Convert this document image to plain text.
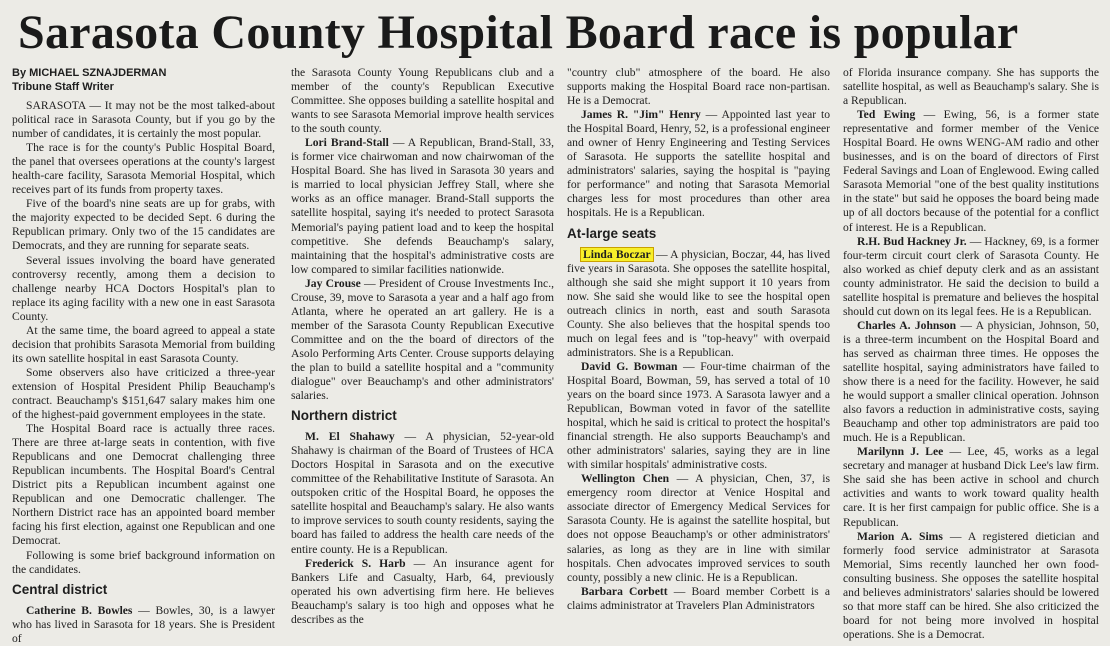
Sarasota County Hospital Board race is popular
By MICHAEL SZNAJDERMAN
Tribune Staff Writer

SARASOTA — It may not be the most talked-about political race in Sarasota County, but if you go by the number of candidates, it is certainly the most popular.

The race is for the county's Public Hospital Board, the panel that oversees operations at the county's largest health-care facility, Sarasota Memorial Hospital, which receives part of its funds from property taxes.

Five of the board's nine seats are up for grabs, with the majority expected to be decided Sept. 6 during the Republican primary. Only two of the 15 candidates are Democrats, and they are running for separate seats.

Several issues involving the board have generated controversy recently, among them a decision to challenge nearby HCA Doctors Hospital's plan to replace its aging facility with a new one in east Sarasota County.

At the same time, the board agreed to appeal a state decision that prohibits Sarasota Memorial from building its own satellite hospital in east Sarasota County.

Some observers also have criticized a three-year extension of Hospital President Philip Beauchamp's contract. Beauchamp's $151,647 salary makes him one of the highest-paid government employees in the state.

The Hospital Board race is actually three races. There are three at-large seats in contention, with five Republicans and one Democrat challenging three Republican incumbents. The Hospital Board's Central District pits a Republican incumbent against one Republican and one Democratic challenger. The Northern District race has an appointed board member facing his first election, against one Republican and one Democrat.

Following is some brief background information on the candidates.

Central district

Catherine B. Bowles — Bowles, 30, is a lawyer who has lived in Sarasota for 18 years. She is President of

the Sarasota County Young Republicans club and a member of the county's Republican Executive Committee. She opposes building a satellite hospital and wants to see Sarasota Memorial improve health services to the south county.

Lori Brand-Stall — A Republican, Brand-Stall, 33, is former vice chairwoman and now chairwoman of the Hospital Board. She has lived in Sarasota 30 years and is married to local physician Jeffrey Stall, where she works as an office manager. Brand-Stall supports the satellite hospital, saying it's needed to protect Sarasota Memorial's paying patient load and to keep the hospital competitive. She defends Beauchamp's salary, maintaining that the hospital's administrative costs are low compared to similar facilities nationwide.

Jay Crouse — President of Crouse Investments Inc., Crouse, 39, move to Sarasota a year and a half ago from Atlanta, where he operated an art gallery. He is a member of the Sarasota County Republican Executive Committee and on the the board of directors of the Asolo Performing Arts Center. Crouse supports delaying the plan to build a satellite hospital and a "community dialogue" over Beauchamp's and other administrators' salaries.

Northern district

M. El Shahawy — A physician, 52-year-old Shahawy is chairman of the Board of Trustees of HCA Doctors Hospital in Sarasota and on the executive committee of the Rehabilitative Institute of Sarasota. An outspoken critic of the Hospital Board, he opposes the satellite hospital and Beauchamp's salary. He also wants to improve services to south county residents, saying the board has failed to address the health care needs of the entire county. He is a Republican.

Frederick S. Harb — An insurance agent for Bankers Life and Casualty, Harb, 64, previously operated his own advertising firm here. He believes Beauchamp's salary is too high and opposes what he describes as the

"country club" atmosphere of the board. He also supports making the Hospital Board race non-partisan. He is a Democrat.

James R. "Jim" Henry — Appointed last year to the Hospital Board, Henry, 52, is a professional engineer and owner of Henry Engineering and Testing Services of Sarasota. He supports the satellite hospital and administrators' salaries, saying the hospital is "paying for performance" and noting that Sarasota Memorial charges less for most procedures than other area hospitals. He is a Republican.

At-large seats

Linda Boczar — A physician, Boczar, 44, has lived five years in Sarasota. She opposes the satellite hospital, although she said she might support it 10 years from now. She said she would like to see the hospital open outreach clinics in north, east and south Sarasota County. She also believes that the hospital spends too much on legal fees and is "top-heavy" with overpaid administrators. She is a Republican.

David G. Bowman — Four-time chairman of the Hospital Board, Bowman, 59, has served a total of 10 years on the board since 1973. A Sarasota lawyer and a Republican, Bowman voted in favor of the satellite hospital, which he said is critical to protect the hospital's financial strength. He also supports Beauchamp's and other administrators' salaries, saying they are in line with similar hospitals' administrative costs.

Wellington Chen — A physician, Chen, 37, is emergency room director at Venice Hospital and associate director of Emergency Medical Services for Sarasota County. He is against the satellite hospital, but does not oppose Beauchamp's or other administrators' salaries, as long as they are in line with similar hospitals. Chen advocates improved services to south county, possibly a new clinic. He is a Republican.

Barbara Corbett — Board member Corbett is a claims administrator at Travelers Plan Administrators

of Florida insurance company. She has supports the satellite hospital, as well as Beauchamp's salary. She is a Republican.

Ted Ewing — Ewing, 56, is a former state representative and former member of the Venice Hospital Board. He owns WENG-AM radio and other businesses, and is on the board of directors of First Federal Savings and Loan of Englewood. Ewing called Sarasota Memorial "one of the best quality institutions in the state" but said he opposes the board being made up of all doctors because of the potential for a conflict of interest. He is a Republican.

R.H. Bud Hackney Jr. — Hackney, 69, is a former four-term circuit court clerk of Sarasota County. He also worked as chief deputy clerk and as an assistant county administrator. He said the decision to build a satellite hospital is premature and believes the hospital should cut down on its legal fees. He is a Republican.

Charles A. Johnson — A physician, Johnson, 50, is a three-term incumbent on the Hospital Board and has served as chairman three times. He opposes the satellite hospital, saying administrators have failed to show there is a need for the facility. However, he said he would support a smaller clinical operation. Johnson also favors a reduction in administrative costs, saying Beauchamp and other top administrators are paid too much. He is a Republican.

Marilynn J. Lee — Lee, 45, works as a legal secretary and manager at husband Dick Lee's law firm. She said she has been active in school and church activities and wants to work toward quality health care. It is her first campaign for public office. She is a Republican.

Marion A. Sims — A registered dietician and formerly food service administrator at Sarasota Memorial, Sims recently launched her own food-consulting business. She opposes the satellite hospital and believes administrators' salaries should be lowered so that more staff can be hired. She also criticized the board for not being more involved in hospital operations. She is a Democrat.
